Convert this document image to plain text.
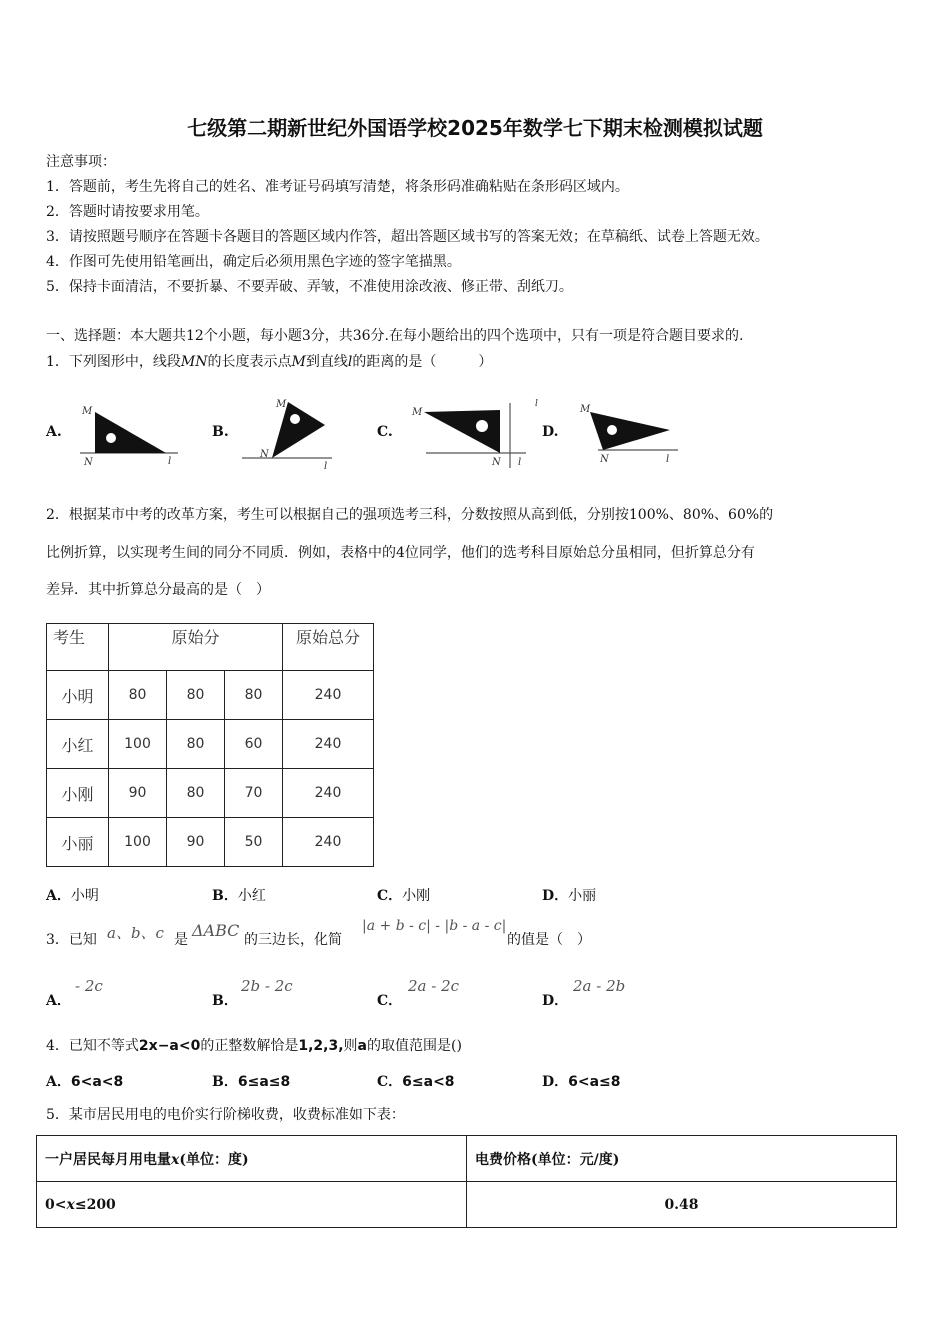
七级第二期新世纪外国语学校2025年数学七下期末检测模拟试题
注意事项：
1．答题前，考生先将自己的姓名、准考证号码填写清楚，将条形码准确粘贴在条形码区域内。
2．答题时请按要求用笔。
3．请按照题号顺序在答题卡各题目的答题区域内作答，超出答题区域书写的答案无效；在草稿纸、试卷上答题无效。
4．作图可先使用铅笔画出，确定后必须用黑色字迹的签字笔描黑。
5．保持卡面清洁，不要折暴、不要弄破、弄皱，不准使用涂改液、修正带、刮纸刀。
一、选择题：本大题共12个小题，每小题3分，共36分.在每小题给出的四个选项中，只有一项是符合题目要求的.
1．下列图形中，线段MN的长度表示点M到直线l的距离的是（　　　）
A.	B.	C.	D.
M
N	l
M
N
l
M
N l
l	M
N	l
2．根据某市中考的改革方案，考生可以根据自己的强项选考三科，分数按照从高到低，分别按100%、80%、60%的
比例折算，以实现考生间的同分不同质．例如，表格中的4位同学，他们的选考科目原始总分虽相同，但折算总分有
差异．其中折算总分最高的是（　）
考生	原始分			原始总分
小明	80	80	80	240
小红	100	80	60	240
小刚	90	80	70	240
小丽	100	90	50	240
A．小明	B．小红	C．小刚	D．小丽
3．已知 a、b、c 是 ΔABC 的三边长，化简
|a + b - c| - |b - a - c|
的值是（　）
A．
- 2c
B．
2b - 2c
C．
2a - 2c
D．
2a - 2b
4．已知不等式2x−a<0的正整数解恰是1,2,3,则a的取值范围是()
A．6<a<8	B．6≤a≤8	C．6≤a<8	D．6<a≤8
5．某市居民用电的电价实行阶梯收费，收费标准如下表：
一户居民每月用电量x(单位：度)	电费价格(单位：元/度)
0<x≤200	0.48
